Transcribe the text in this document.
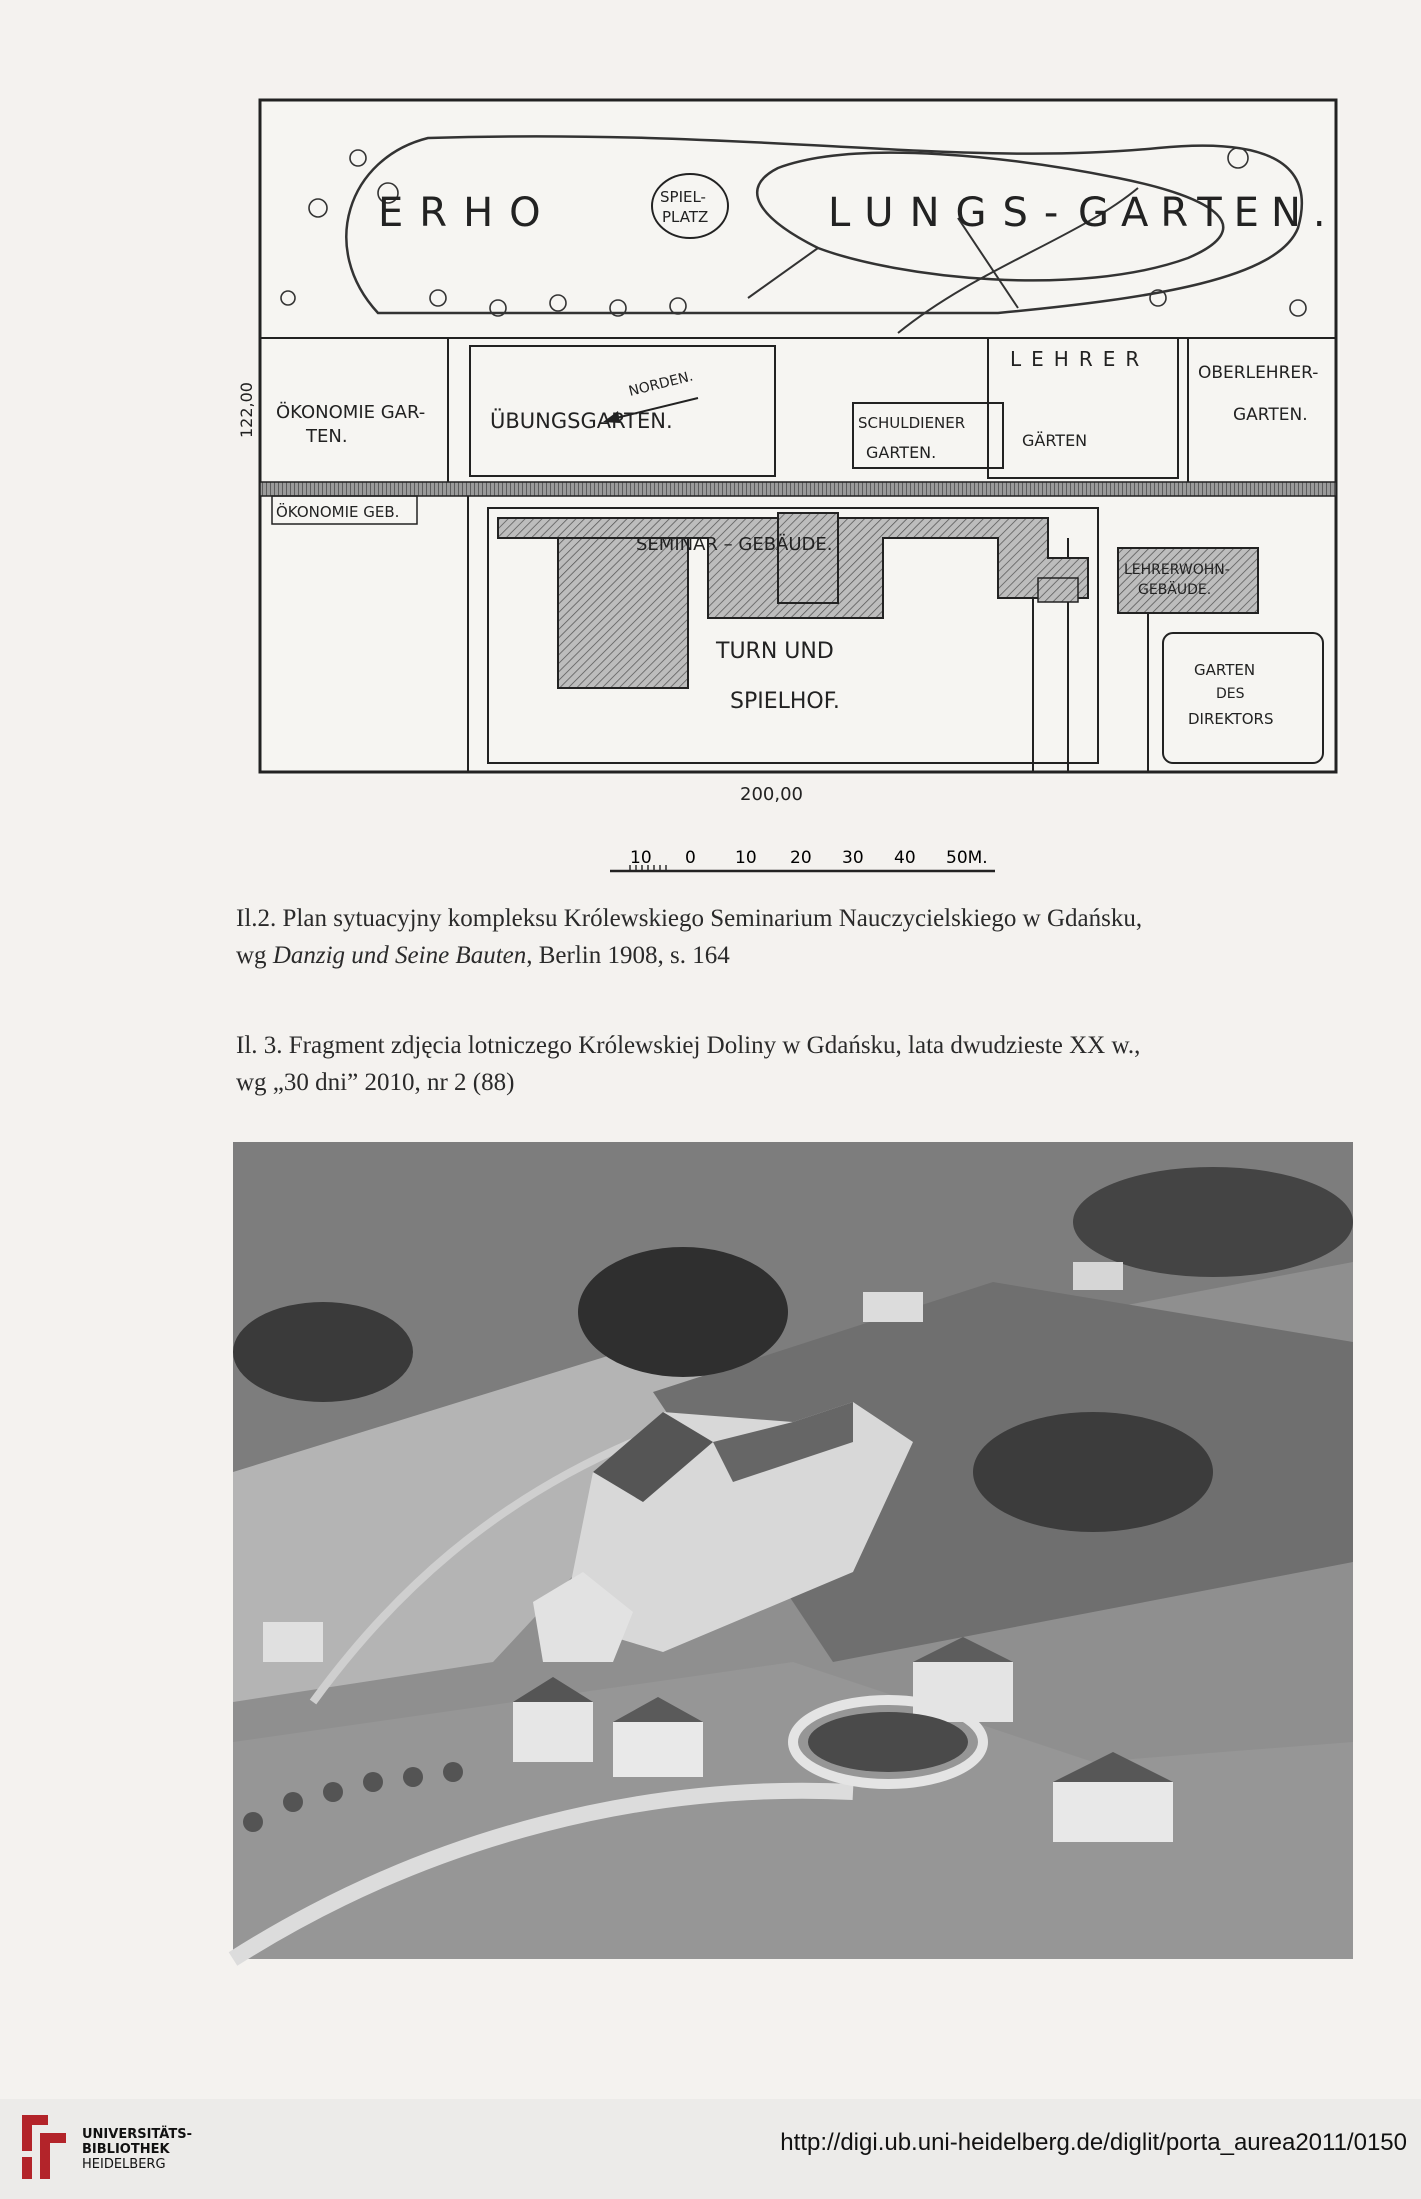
ERHO	LUNGS- GARTEN.
SPIEL-
PLATZ
LEHRER
OBERLEHRER-
GARTEN.
ÖKONOMIE GAR-
TEN.
ÜBUNGSGARTEN.
NORDEN.
SCHULDIENER
GARTEN.
GÄRTEN
ÖKONOMIE GEB.
SEMINAR – GEBÄUDE.
LEHRERWOHN-
GEBÄUDE.
TURN UND
SPIELHOF.
GARTEN
DES
DIREKTORS
122,00
200,00
10 0 10 20 30 40 50M.
Il.2. Plan sytuacyjny kompleksu Królewskiego Seminarium Nauczycielskiego w Gdańsku,
wg Danzig und Seine Bauten, Berlin 1908, s. 164
Il. 3. Fragment zdjęcia lotniczego Królewskiej Doliny w Gdańsku, lata dwudzieste XX w.,
wg „30 dni” 2010, nr 2 (88)
UNIVERSITÄTS-
BIBLIOTHEK
HEIDELBERG
http://digi.ub.uni-heidelberg.de/diglit/porta_aurea2011/0150
